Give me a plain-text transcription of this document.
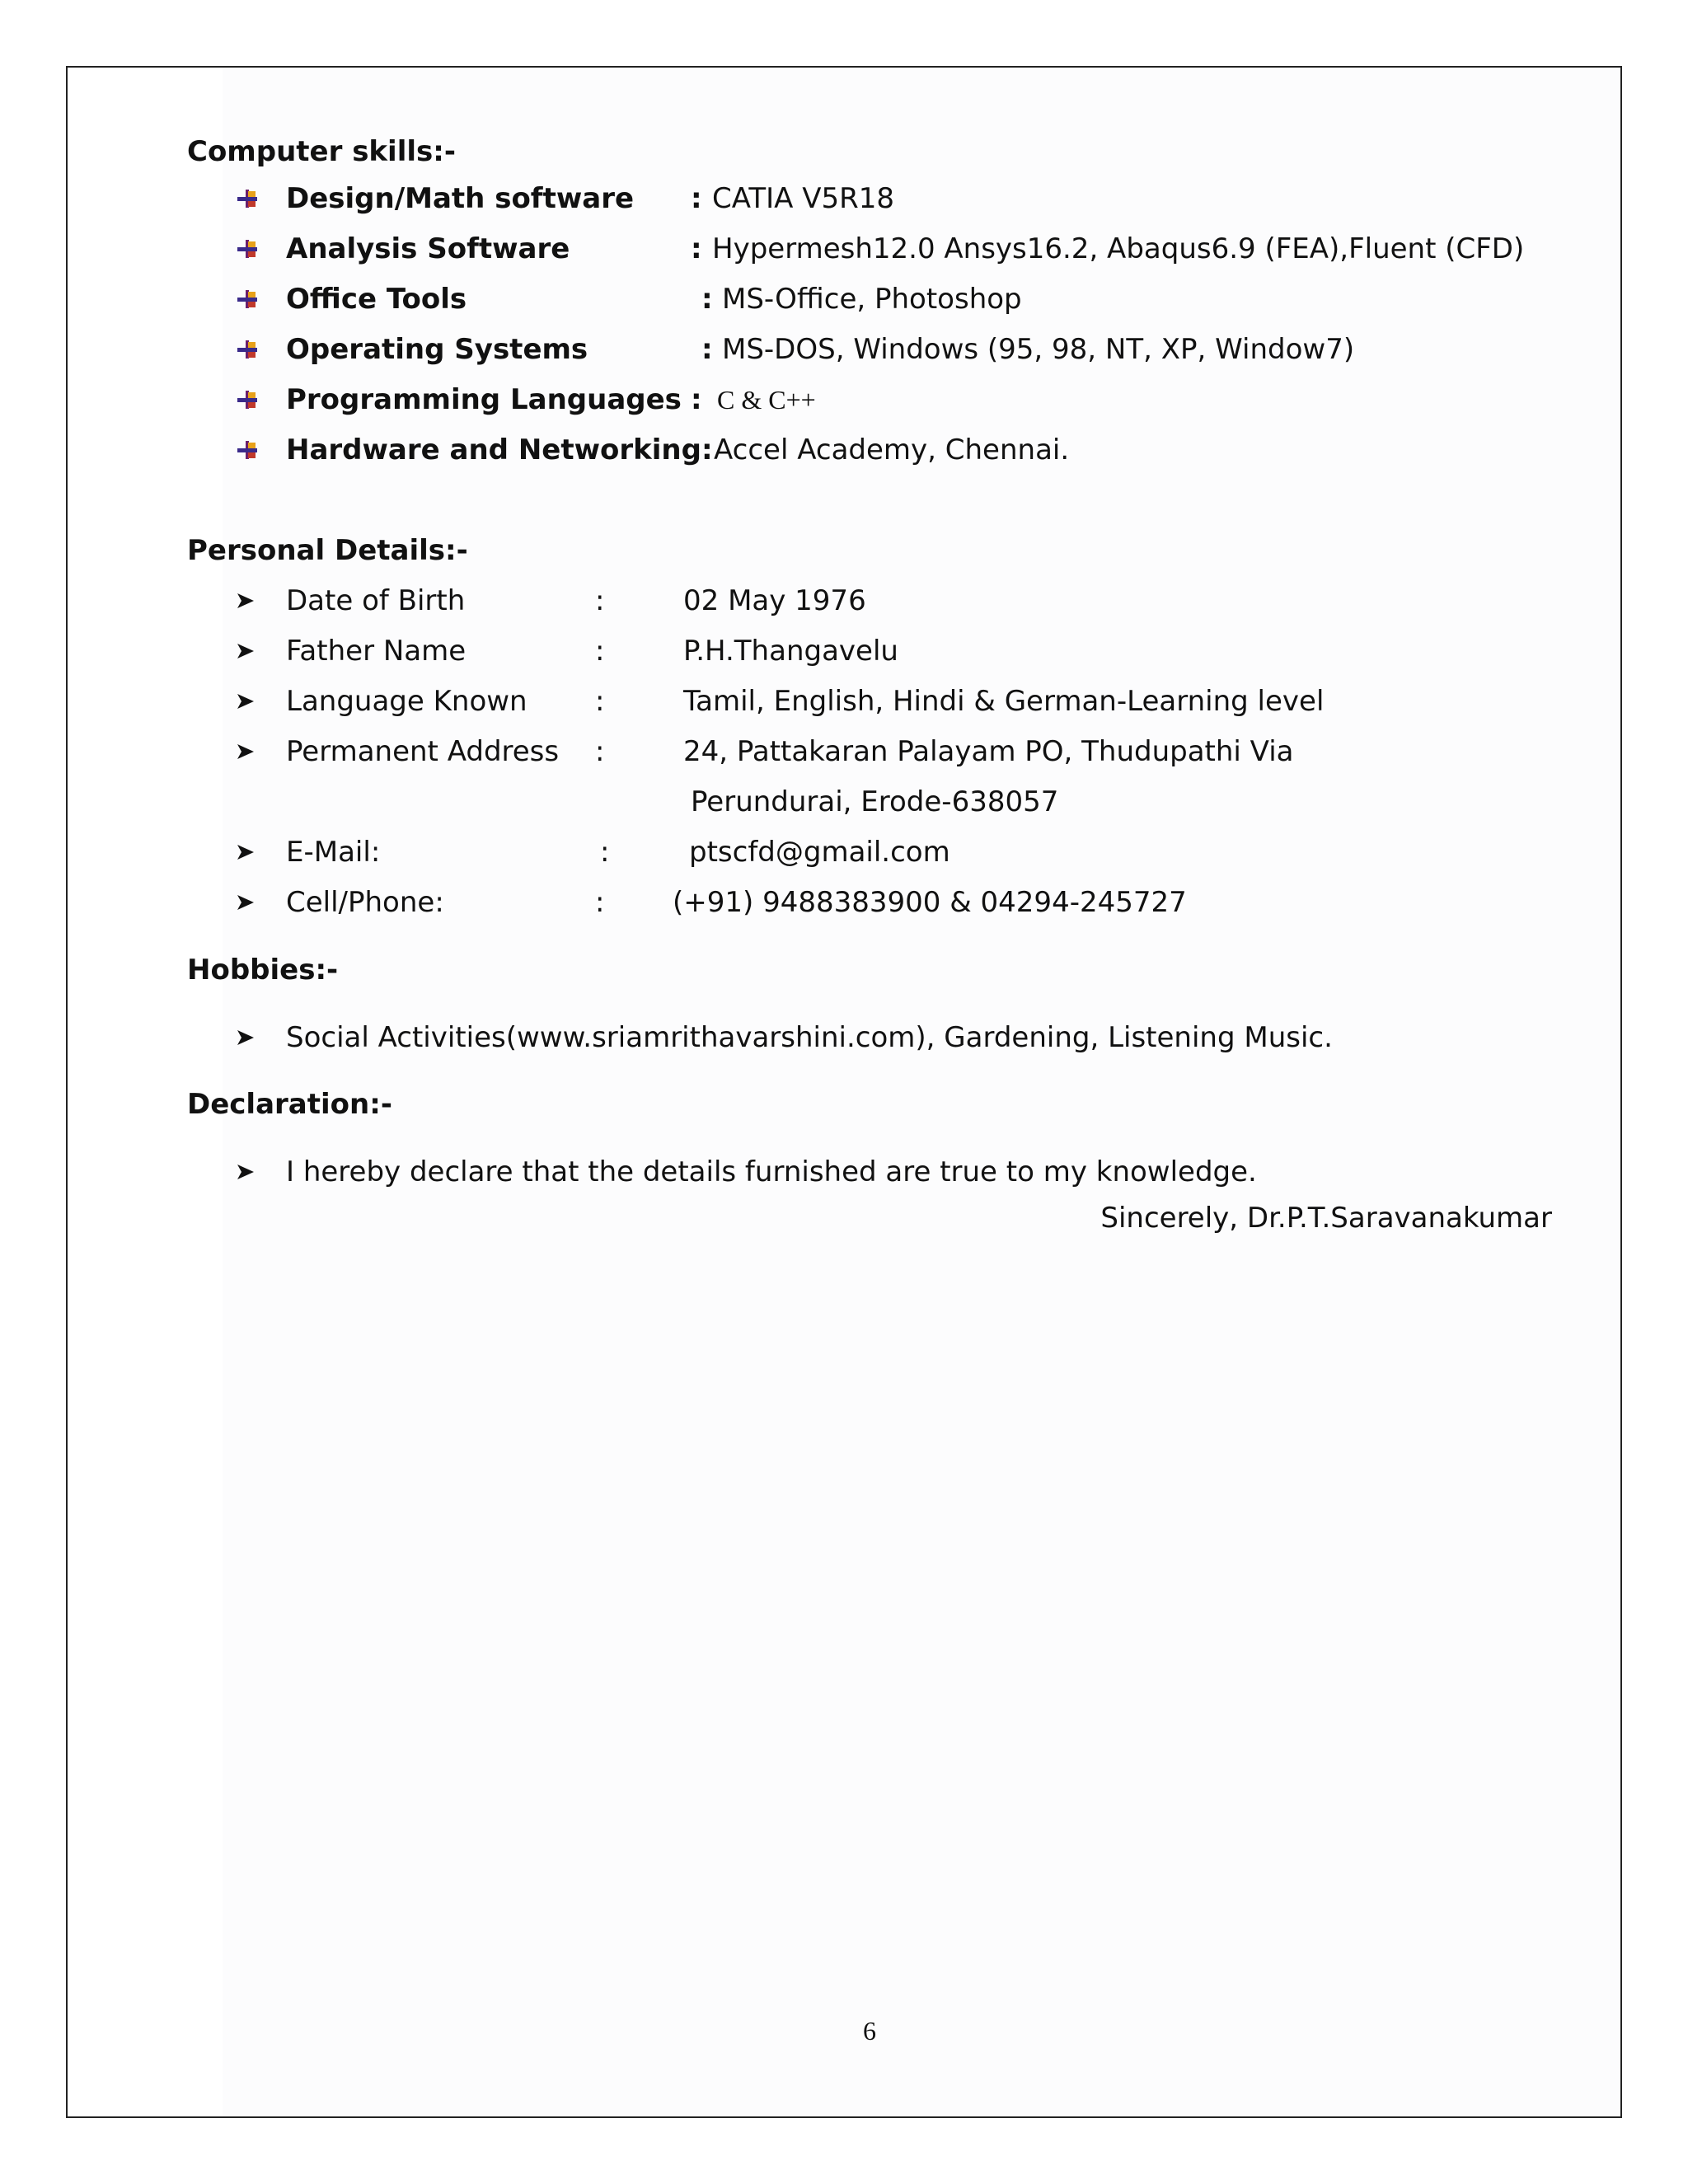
Computer skills:-
Design/Math software : CATIA V5R18
Analysis Software	: Hypermesh12.0 Ansys16.2, Abaqus6.9 (FEA),Fluent (CFD)
Office Tools	: MS-Office, Photoshop
Operating Systems	: MS-DOS, Windows (95, 98, NT, XP, Window7)
Programming Languages : C & C++
Hardware and Networking: Accel Academy, Chennai.
Personal Details:-
Date of Birth	:	02 May 1976
Father Name	:	P.H.Thangavelu
Language Known :	Tamil, English, Hindi & German-Learning level
Permanent Address :	24, Pattakaran Palayam PO, Thudupathi Via
Perundurai, Erode-638057
E-Mail:	:	ptscfd@gmail.com
Cell/Phone:	: (+91) 9488383900 & 04294-245727
Hobbies:-
Social Activities(www.sriamrithavarshini.com), Gardening, Listening Music.
Declaration:-
I hereby declare that the details furnished are true to my knowledge.
Sincerely, Dr.P.T.Saravanakumar
6
